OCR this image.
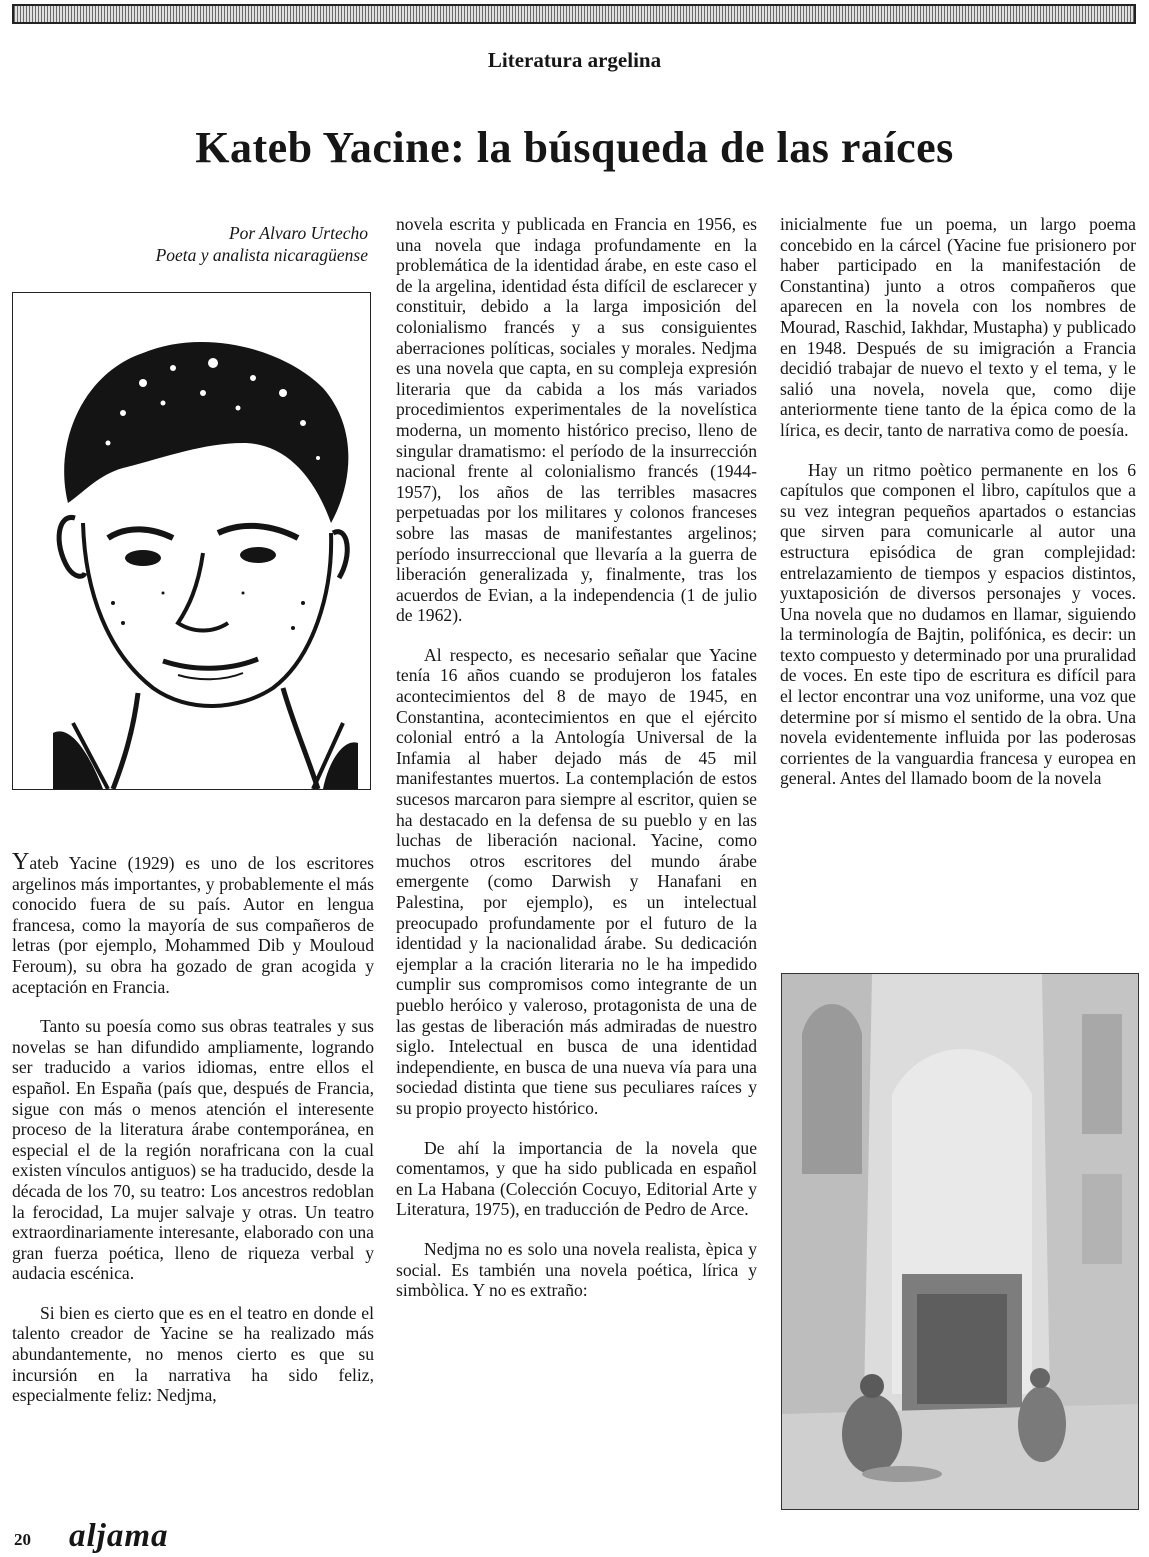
Literatura argelina
Kateb Yacine: la búsqueda de las raíces
Por Alvaro Urtecho
Poeta y analista nicaragüense

Yateb Yacine (1929) es uno de los escritores argelinos más importantes, y probablemente el más conocido fuera de su país. Autor en lengua francesa, como la mayoría de sus compañeros de letras (por ejemplo, Mohammed Dib y Mouloud Feroum), su obra ha gozado de gran acogida y aceptación en Francia.

Tanto su poesía como sus obras teatrales y sus novelas se han difundido ampliamente, logrando ser traducido a varios idiomas, entre ellos el español. En España (país que, después de Francia, sigue con más o menos atención el interesente proceso de la literatura árabe contemporánea, en especial el de la región norafricana con la cual existen vínculos antiguos) se ha traducido, desde la década de los 70, su teatro: Los ancestros redoblan la ferocidad, La mujer salvaje y otras. Un teatro extraordinariamente interesante, elaborado con una gran fuerza poética, lleno de riqueza verbal y audacia escénica.

Si bien es cierto que es en el teatro en donde el talento creador de Yacine se ha realizado más abundantemente, no menos cierto es que su incursión en la narrativa ha sido feliz, especialmente feliz: Nedjma,

novela escrita y publicada en Francia en 1956, es una novela que indaga profundamente en la problemática de la identidad árabe, en este caso el de la argelina, identidad ésta difícil de esclarecer y constituir, debido a la larga imposición del colonialismo francés y a sus consiguientes aberraciones políticas, sociales y morales. Nedjma es una novela que capta, en su compleja expresión literaria que da cabida a los más variados procedimientos experimentales de la novelística moderna, un momento histórico preciso, lleno de singular dramatismo: el período de la insurrección nacional frente al colonialismo francés (1944-1957), los años de las terribles masacres perpetuadas por los militares y colonos franceses sobre las masas de manifestantes argelinos; período insurreccional que llevaría a la guerra de liberación generalizada y, finalmente, tras los acuerdos de Evian, a la independencia (1 de julio de 1962).

Al respecto, es necesario señalar que Yacine tenía 16 años cuando se produjeron los fatales acontecimientos del 8 de mayo de 1945, en Constantina, acontecimientos en que el ejército colonial entró a la Antología Universal de la Infamia al haber dejado más de 45 mil manifestantes muertos. La contemplación de estos sucesos marcaron para siempre al escritor, quien se ha destacado en la defensa de su pueblo y en las luchas de liberación nacional. Yacine, como muchos otros escritores del mundo árabe emergente (como Darwish y Hanafani en Palestina, por ejemplo), es un intelectual preocupado profundamente por el futuro de la identidad y la nacionalidad árabe. Su dedicación ejemplar a la cración literaria no le ha impedido cumplir sus compromisos como integrante de un pueblo heróico y valeroso, protagonista de una de las gestas de liberación más admiradas de nuestro siglo. Intelectual en busca de una identidad independiente, en busca de una nueva vía para una sociedad distinta que tiene sus peculiares raíces y su propio proyecto histórico.

De ahí la importancia de la novela que comentamos, y que ha sido publicada en español en La Habana (Colección Cocuyo, Editorial Arte y Literatura, 1975), en traducción de Pedro de Arce.

Nedjma no es solo una novela realista, èpica y social. Es también una novela poética, lírica y simbòlica. Y no es extraño:

inicialmente fue un poema, un largo poema concebido en la cárcel (Yacine fue prisionero por haber participado en la manifestación de Constantina) junto a otros compañeros que aparecen en la novela con los nombres de Mourad, Raschid, Iakhdar, Mustapha) y publicado en 1948. Después de su imigración a Francia decidió trabajar de nuevo el texto y el tema, y le salió una novela, novela que, como dije anteriormente tiene tanto de la épica como de la lírica, es decir, tanto de narrativa como de poesía.

Hay un ritmo poètico permanente en los 6 capítulos que componen el libro, capítulos que a su vez integran pequeños apartados o estancias que sirven para comunicarle al autor una estructura episódica de gran complejidad: entrelazamiento de tiempos y espacios distintos, yuxtaposición de diversos personajes y voces. Una novela que no dudamos en llamar, siguiendo la terminología de Bajtin, polifónica, es decir: un texto compuesto y determinado por una pruralidad de voces. En este tipo de escritura es difícil para el lector encontrar una voz uniforme, una voz que determine por sí mismo el sentido de la obra. Una novela evidentemente influida por las poderosas corrientes de la vanguardia francesa y europea en general. Antes del llamado boom de la novela

20 aljama
